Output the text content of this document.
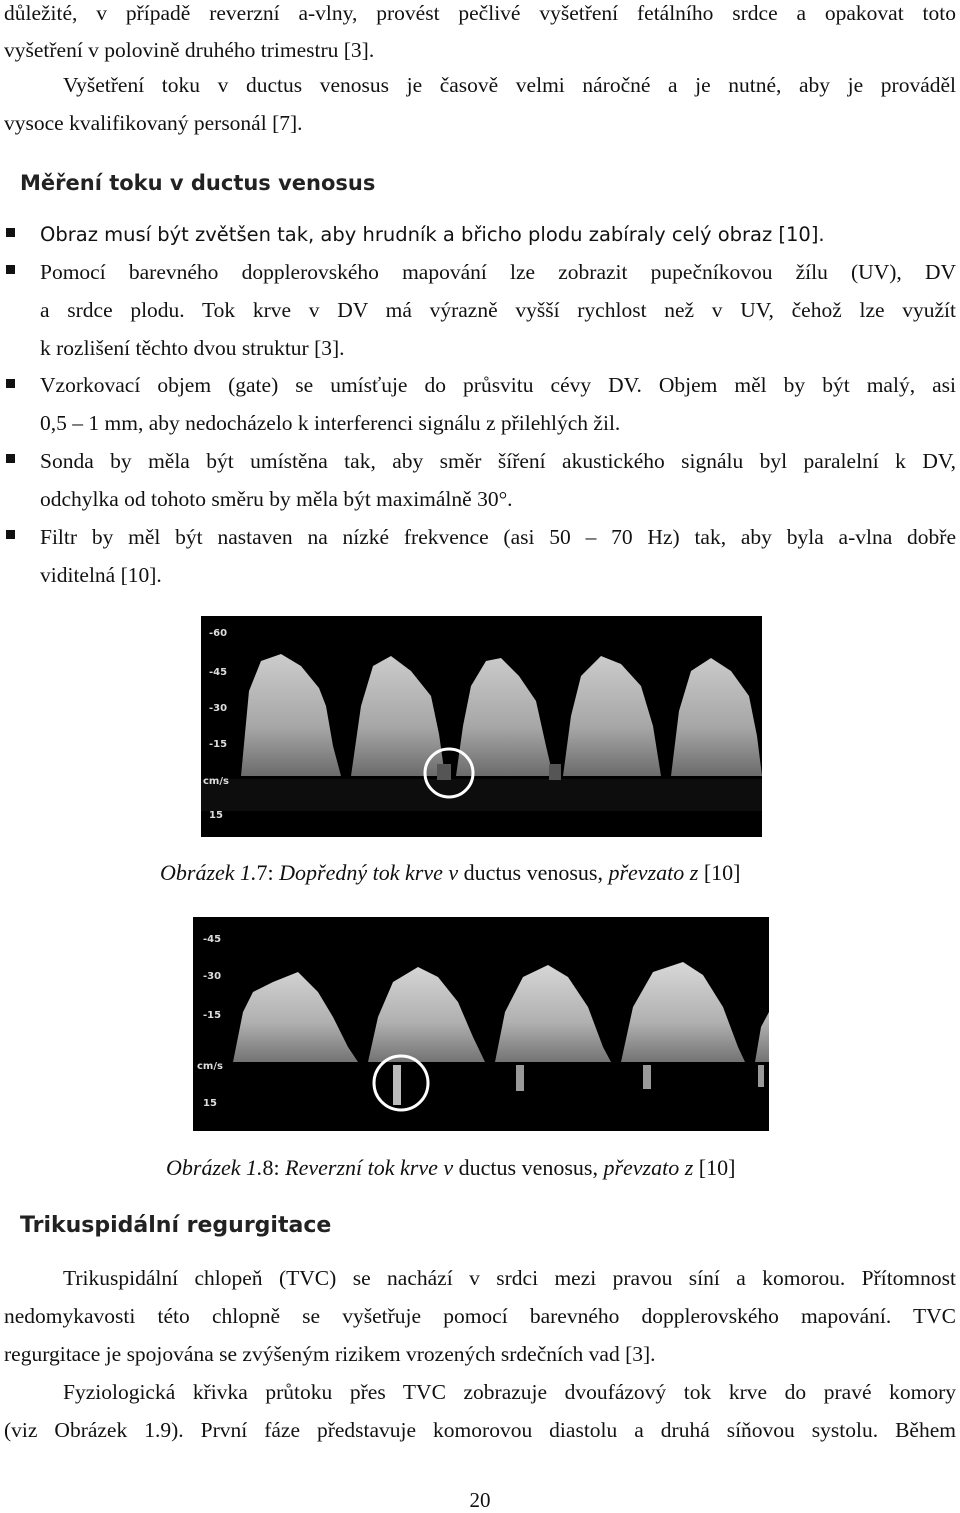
důležité, v případě reverzní a-vlny, provést pečlivé vyšetření fetálního srdce a opakovat toto
vyšetření v polovině druhého trimestru [3].
Vyšetření toku v ductus venosus je časově velmi náročné a je nutné, aby je prováděl
vysoce kvalifikovaný personál [7].
Měření toku v ductus venosus
Obraz musí být zvětšen tak, aby hrudník a břicho plodu zabíraly celý obraz [10].
Pomocí barevného dopplerovského mapování lze zobrazit pupečníkovou žílu (UV), DV
a srdce plodu. Tok krve v DV má výrazně vyšší rychlost než v UV, čehož lze využít
k rozlišení těchto dvou struktur [3].
Vzorkovací objem (gate) se umísťuje do průsvitu cévy DV. Objem měl by být malý, asi
0,5 – 1 mm, aby nedocházelo k interferenci signálu z přilehlých žil.
Sonda by měla být umístěna tak, aby směr šíření akustického signálu byl paralelní k DV,
odchylka od tohoto směru by měla být maximálně 30°.
Filtr by měl být nastaven na nízké frekvence (asi 50 – 70 Hz) tak, aby byla a-vlna dobře
viditelná [10].
-60
-45
-30
-15
cm/s
15
Obrázek 1.7: Dopředný tok krve v ductus venosus, převzato z [10]
-45
-30
-15
cm/s
15
Obrázek 1.8: Reverzní tok krve v ductus venosus, převzato z [10]
Trikuspidální regurgitace
Trikuspidální chlopeň (TVC) se nachází v srdci mezi pravou síní a komorou. Přítomnost
nedomykavosti této chlopně se vyšetřuje pomocí barevného dopplerovského mapování. TVC
regurgitace je spojována se zvýšeným rizikem vrozených srdečních vad [3].
Fyziologická křivka průtoku přes TVC zobrazuje dvoufázový tok krve do pravé komory
(viz Obrázek 1.9). První fáze představuje komorovou diastolu a druhá síňovou systolu. Během
20
